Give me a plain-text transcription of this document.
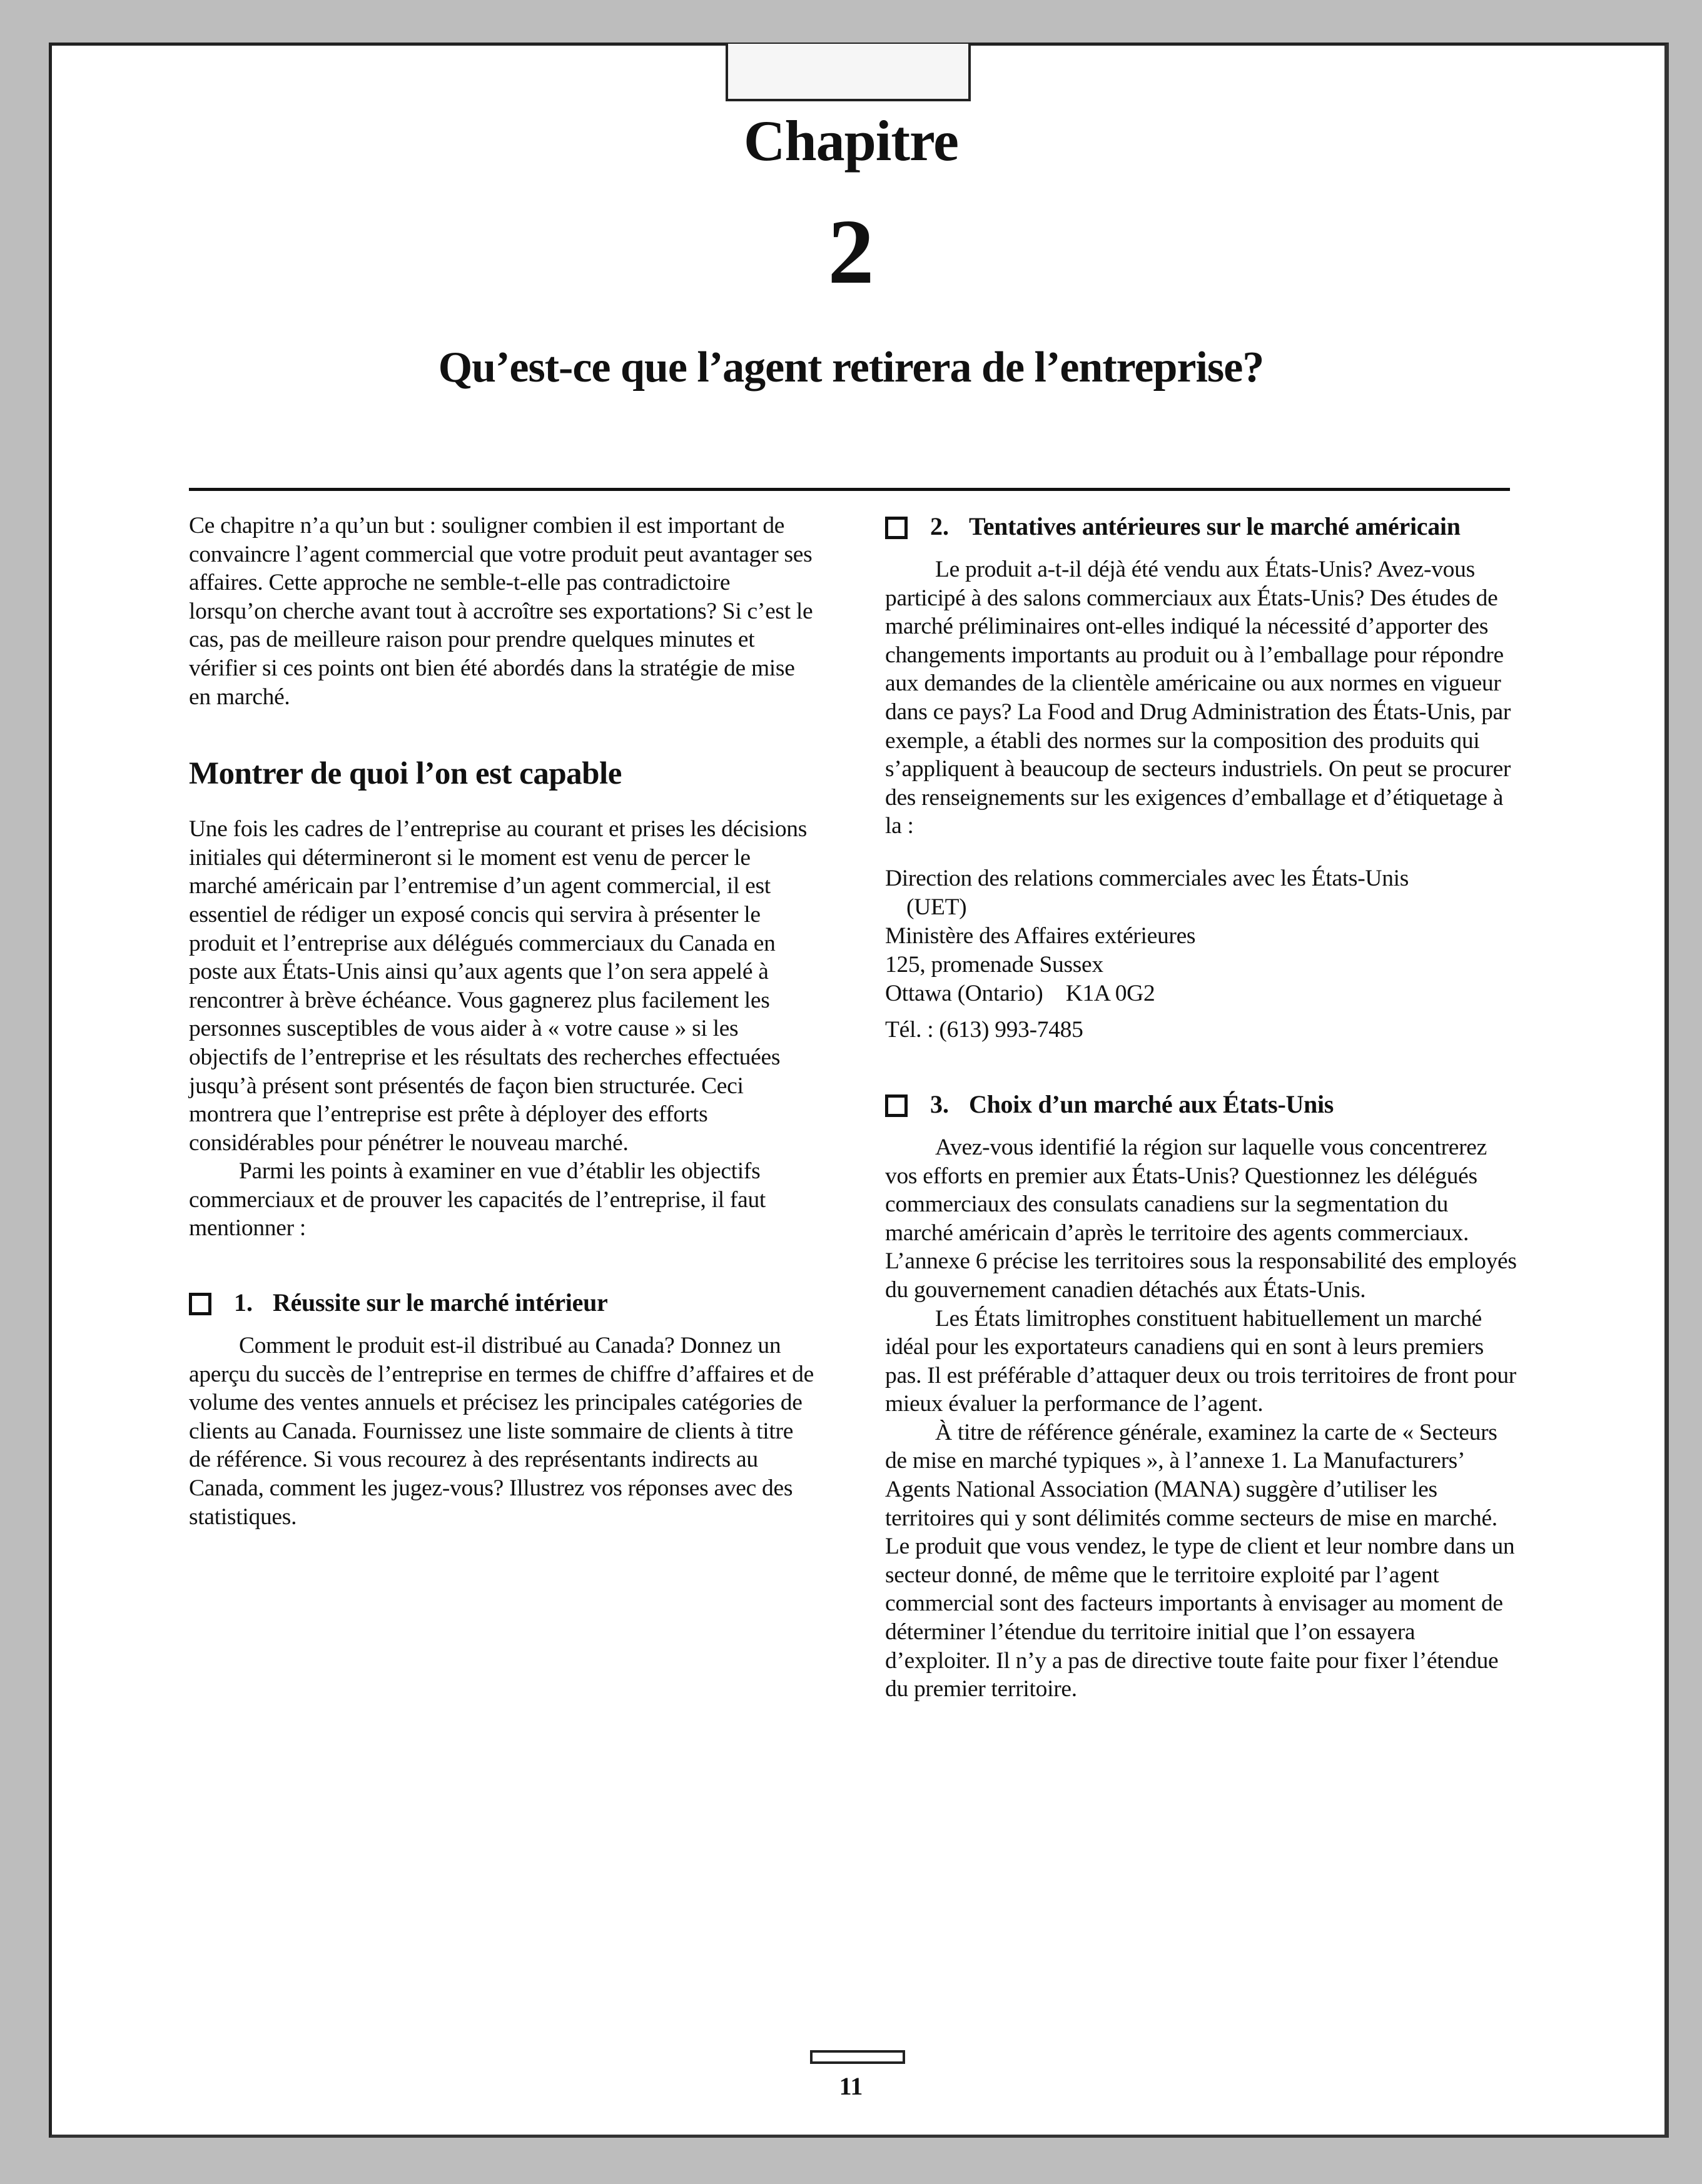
Chapitre
2
Qu’est-ce que l’agent retirera de l’entreprise?

Ce chapitre n’a qu’un but : souligner combien il est important de convaincre l’agent commercial que votre produit peut avantager ses affaires. Cette approche ne semble-t-elle pas contradictoire lorsqu’on cherche avant tout à accroître ses exportations? Si c’est le cas, pas de meilleure raison pour prendre quelques minutes et vérifier si ces points ont bien été abordés dans la stratégie de mise en marché.

Montrer de quoi l’on est capable

Une fois les cadres de l’entreprise au courant et prises les décisions initiales qui détermineront si le moment est venu de percer le marché américain par l’entremise d’un agent commercial, il est essentiel de rédiger un exposé concis qui servira à présenter le produit et l’entreprise aux délégués commerciaux du Canada en poste aux États-Unis ainsi qu’aux agents que l’on sera appelé à rencontrer à brève échéance. Vous gagnerez plus facilement les personnes susceptibles de vous aider à « votre cause » si les objectifs de l’entreprise et les résultats des recherches effectuées jusqu’à présent sont présentés de façon bien structurée. Ceci montrera que l’entreprise est prête à déployer des efforts considérables pour pénétrer le nouveau marché.

Parmi les points à examiner en vue d’établir les objectifs commerciaux et de prouver les capacités de l’entreprise, il faut mentionner :

1. Réussite sur le marché intérieur

Comment le produit est-il distribué au Canada? Donnez un aperçu du succès de l’entreprise en termes de chiffre d’affaires et de volume des ventes annuels et précisez les principales catégories de clients au Canada. Fournissez une liste sommaire de clients à titre de référence. Si vous recourez à des représentants indirects au Canada, comment les jugez-vous? Illustrez vos réponses avec des statistiques.

2. Tentatives antérieures sur le marché américain

Le produit a-t-il déjà été vendu aux États-Unis? Avez-vous participé à des salons commerciaux aux États-Unis? Des études de marché préliminaires ont-elles indiqué la nécessité d’apporter des changements importants au produit ou à l’emballage pour répondre aux demandes de la clientèle américaine ou aux normes en vigueur dans ce pays? La Food and Drug Administration des États-Unis, par exemple, a établi des normes sur la composition des produits qui s’appliquent à beaucoup de secteurs industriels. On peut se procurer des renseignements sur les exigences d’emballage et d’étiquetage à la :

Direction des relations commerciales avec les États-Unis

(UET)

Ministère des Affaires extérieures

125, promenade Sussex

Ottawa (Ontario)    K1A 0G2

Tél. : (613) 993-7485

3. Choix d’un marché aux États-Unis

Avez-vous identifié la région sur laquelle vous concentrerez vos efforts en premier aux États-Unis? Questionnez les délégués commerciaux des consulats canadiens sur la segmentation du marché américain d’après le territoire des agents commerciaux. L’annexe 6 précise les territoires sous la responsabilité des employés du gouvernement canadien détachés aux États-Unis.

Les États limitrophes constituent habituellement un marché idéal pour les exportateurs canadiens qui en sont à leurs premiers pas. Il est préférable d’attaquer deux ou trois territoires de front pour mieux évaluer la performance de l’agent.

À titre de référence générale, examinez la carte de « Secteurs de mise en marché typiques », à l’annexe 1. La Manufacturers’ Agents National Association (MANA) suggère d’utiliser les territoires qui y sont délimités comme secteurs de mise en marché. Le produit que vous vendez, le type de client et leur nombre dans un secteur donné, de même que le territoire exploité par l’agent commercial sont des facteurs importants à envisager au moment de déterminer l’étendue du territoire initial que l’on essayera d’exploiter. Il n’y a pas de directive toute faite pour fixer l’étendue du premier territoire.

11
